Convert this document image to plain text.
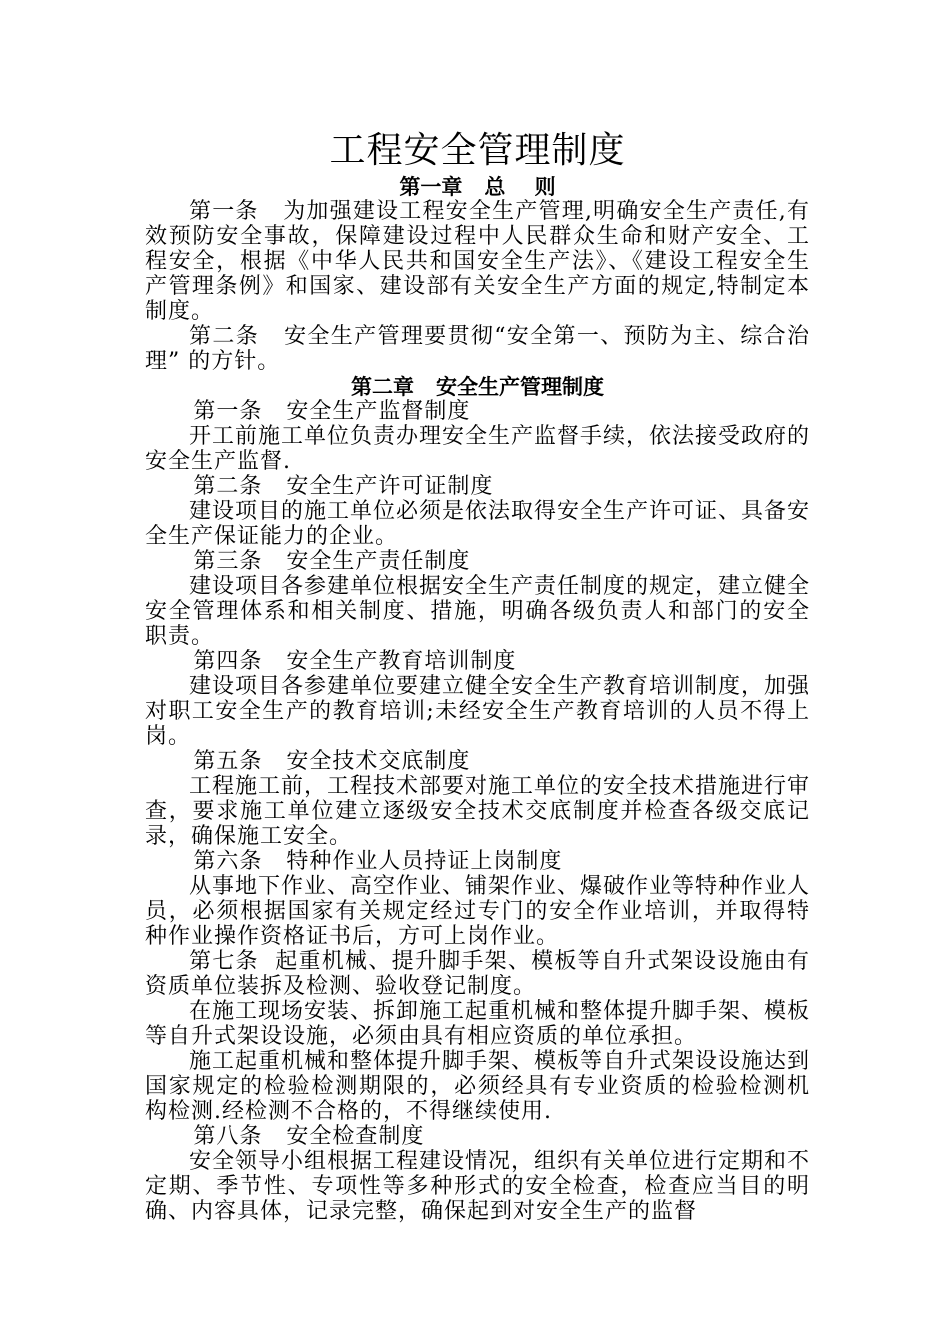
工程安全管理制度
第一章   总    则

第一条   为加强建设工程安全生产管理,明确安全生产责任,有效预防安全事故，保障建设过程中人民群众生命和财产安全、工程安全，根据《中华人民共和国安全生产法》、《建设工程安全生产管理条例》和国家、建设部有关安全生产方面的规定,特制定本制度。

第二条   安全生产管理要贯彻“安全第一、预防为主、综合治理” 的方针。

第二章   安全生产管理制度

第一条   安全生产监督制度

开工前施工单位负责办理安全生产监督手续，依法接受政府的安全生产监督.

第二条   安全生产许可证制度

建设项目的施工单位必须是依法取得安全生产许可证、具备安全生产保证能力的企业。

第三条   安全生产责任制度

建设项目各参建单位根据安全生产责任制度的规定，建立健全安全管理体系和相关制度、措施，明确各级负责人和部门的安全职责。

第四条   安全生产教育培训制度

建设项目各参建单位要建立健全安全生产教育培训制度，加强对职工安全生产的教育培训;未经安全生产教育培训的人员不得上岗。

第五条   安全技术交底制度

工程施工前，工程技术部要对施工单位的安全技术措施进行审查，要求施工单位建立逐级安全技术交底制度并检查各级交底记录，确保施工安全。

第六条   特种作业人员持证上岗制度

从事地下作业、高空作业、铺架作业、爆破作业等特种作业人员，必须根据国家有关规定经过专门的安全作业培训，并取得特种作业操作资格证书后，方可上岗作业。

第七条  起重机械、提升脚手架、模板等自升式架设设施由有资质单位装拆及检测、验收登记制度。

在施工现场安装、拆卸施工起重机械和整体提升脚手架、模板等自升式架设设施，必须由具有相应资质的单位承担。

施工起重机械和整体提升脚手架、模板等自升式架设设施达到国家规定的检验检测期限的，必须经具有专业资质的检验检测机构检测.经检测不合格的，不得继续使用.

第八条   安全检查制度

安全领导小组根据工程建设情况，组织有关单位进行定期和不定期、季节性、专项性等多种形式的安全检查，检查应当目的明确、内容具体，记录完整，确保起到对安全生产的监督
